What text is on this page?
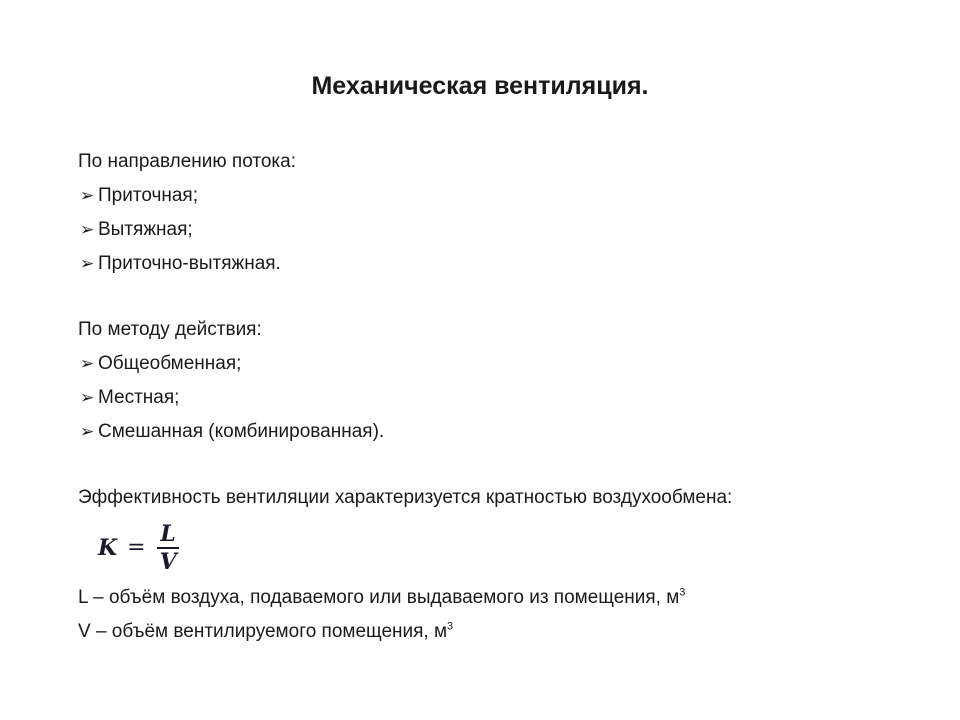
Механическая вентиляция.
По направлению потока:
➢ Приточная;
➢ Вытяжная;
➢ Приточно-вытяжная.
По методу действия:
➢ Общеобменная;
➢ Местная;
➢ Смешанная (комбинированная).
Эффективность вентиляции характеризуется кратностью воздухообмена:
$K = \frac{L}{V}$
L – объём воздуха, подаваемого или выдаваемого из помещения, $м^3$
V – объём вентилируемого помещения, $м^3$
